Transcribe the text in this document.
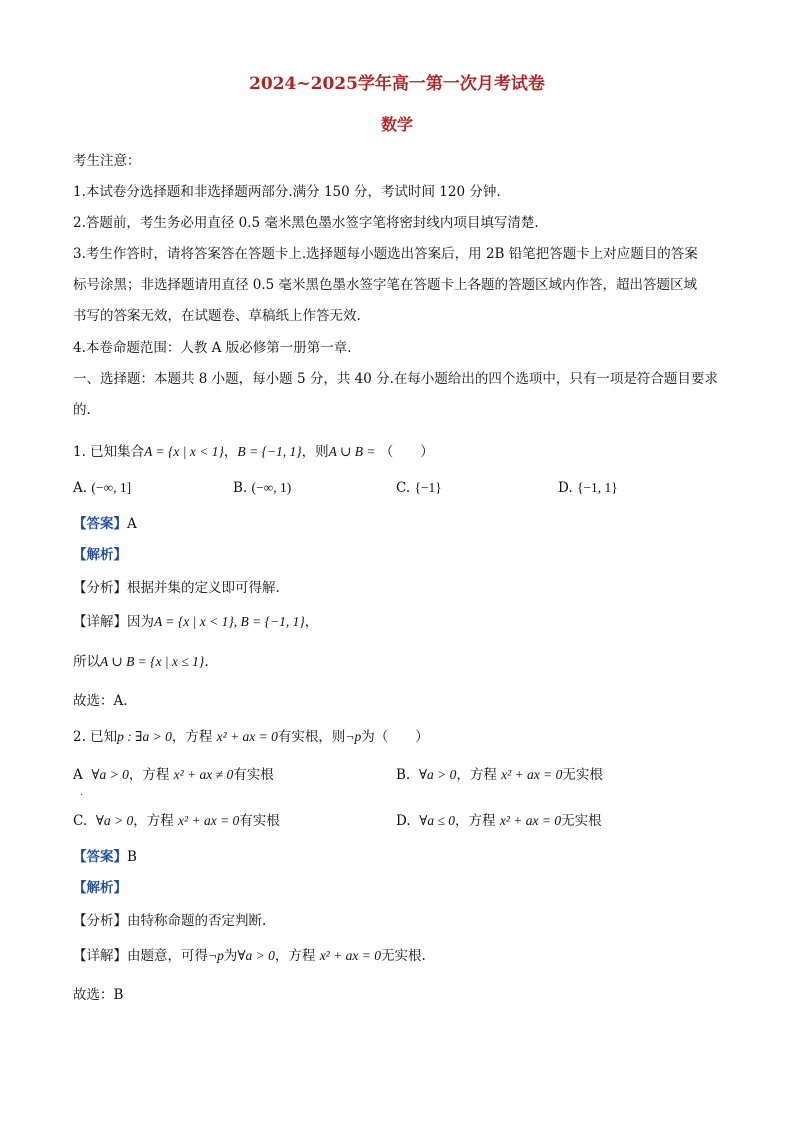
2024~2025学年高一第一次月考试卷
数学
考生注意：
1.本试卷分选择题和非选择题两部分.满分 150 分，考试时间 120 分钟.
2.答题前，考生务必用直径 0.5 毫米黑色墨水签字笔将密封线内项目填写清楚.
3.考生作答时，请将答案答在答题卡上.选择题每小题选出答案后，用 2B 铅笔把答题卡上对应题目的答案
标号涂黑；非选择题请用直径 0.5 毫米黑色墨水签字笔在答题卡上各题的答题区域内作答，超出答题区域
书写的答案无效，在试题卷、草稿纸上作答无效.
4.本卷命题范围：人教 A 版必修第一册第一章.
一、选择题：本题共 8 小题，每小题 5 分，共 40 分.在每小题给出的四个选项中，只有一项是符合题目要求
的.
1. 已知集合A = {x | x < 1}，B = {−1, 1}，则A ∪ B = （　　）
A. (−∞, 1]	B. (−∞, 1)	C. {−1}	D. {−1, 1}
【答案】A
【解析】
【分析】根据并集的定义即可得解.
【详解】因为A = {x | x < 1}, B = {−1, 1}，
所以A ∪ B = {x | x ≤ 1}.
故选：A.
2. 已知p : ∃a > 0，方程 x² + ax = 0有实根，则¬p为（　　）
A ∀a > 0，方程 x² + ax ≠ 0有实根
·
B. ∀a > 0，方程 x² + ax = 0无实根
C. ∀a > 0，方程 x² + ax = 0有实根	D. ∀a ≤ 0，方程 x² + ax = 0无实根
【答案】B
【解析】
【分析】由特称命题的否定判断.
【详解】由题意，可得¬p为∀a > 0，方程 x² + ax = 0无实根.
故选：B
